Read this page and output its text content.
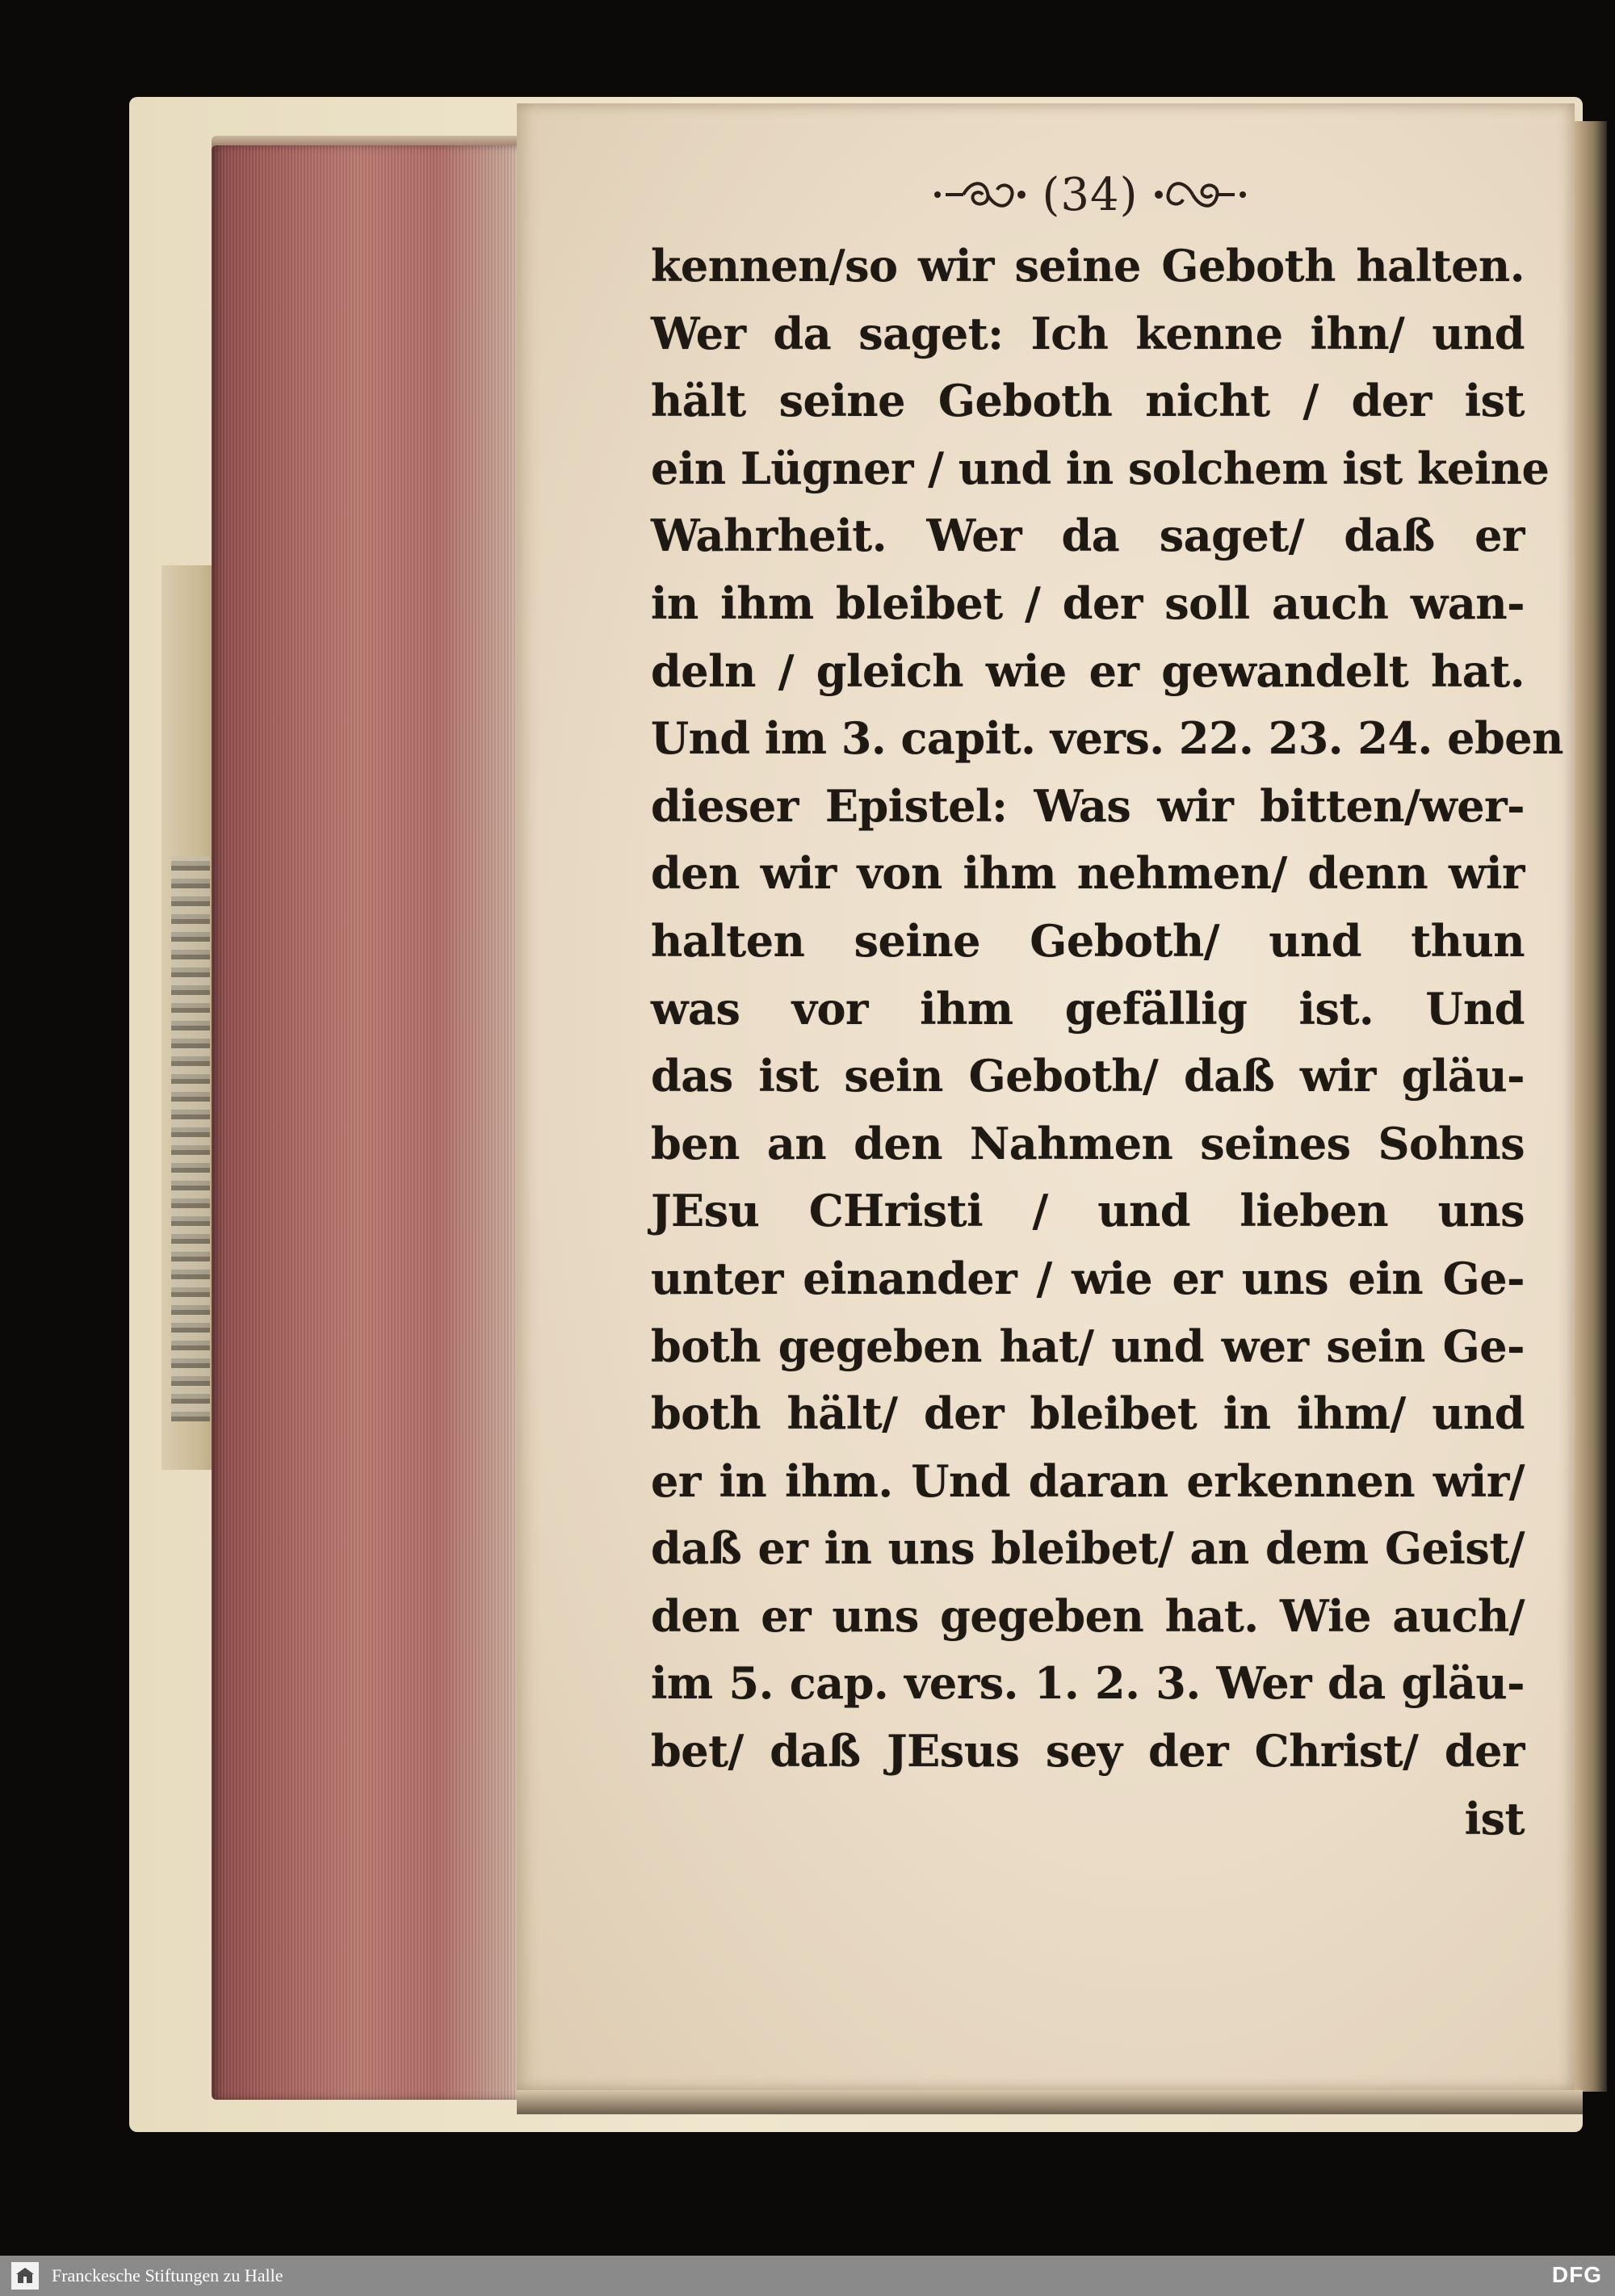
(34)
kennen/so wir seine Geboth halten.
Wer da saget: Ich kenne ihn/ und
hält seine Geboth nicht / der ist
ein Lügner / und in solchem ist keine
Wahrheit. Wer da saget/ daß er
in ihm bleibet / der soll auch wan-
deln / gleich wie er gewandelt hat.
Und im 3. capit. vers. 22. 23. 24. eben
dieser Epistel: Was wir bitten/wer-
den wir von ihm nehmen/ denn wir
halten seine Geboth/ und thun
was vor ihm gefällig ist. Und
das ist sein Geboth/ daß wir gläu-
ben an den Nahmen seines Sohns
JEsu CHristi / und lieben uns
unter einander / wie er uns ein Ge-
both gegeben hat/ und wer sein Ge-
both hält/ der bleibet in ihm/ und
er in ihm. Und daran erkennen wir/
daß er in uns bleibet/ an dem Geist/
den er uns gegeben hat. Wie auch/
im 5. cap. vers. 1. 2. 3. Wer da gläu-
bet/ daß JEsus sey der Christ/ der
ist
Franckesche Stiftungen zu Halle	DFG
